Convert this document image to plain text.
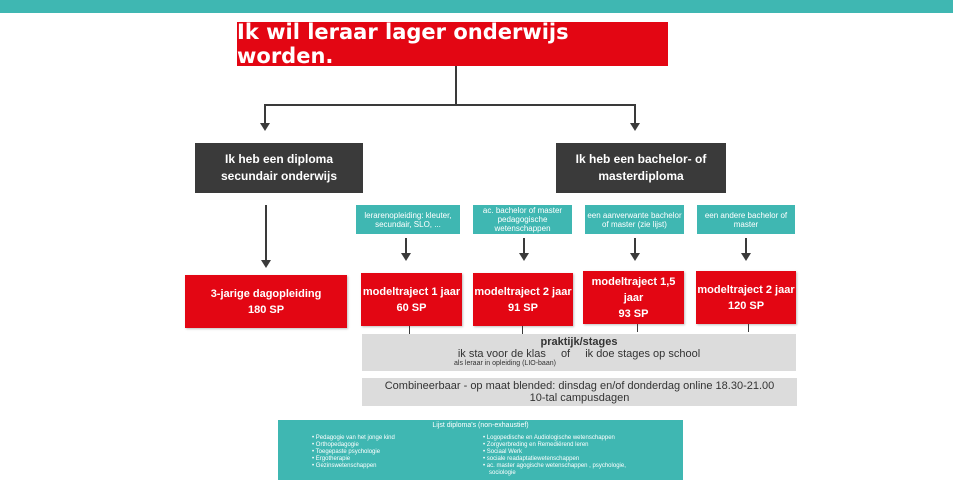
Ik wil leraar lager onderwijs worden.
Ik heb een diploma
secundair onderwijs
Ik heb een bachelor- of
masterdiploma
lerarenopleiding: kleuter,
secundair, SLO, ...
ac. bachelor of master
pedagogische
wetenschappen
een aanverwante bachelor
of master (zie lijst)
een andere bachelor of
master
3-jarige dagopleiding
180 SP
modeltraject 1 jaar
60 SP
modeltraject 2 jaar
91 SP
modeltraject 1,5 jaar
93 SP
modeltraject 2 jaar
120 SP
praktijk/stages
ik sta voor de klas of ik doe stages op school
als leraar in opleiding (LIO-baan)
Combineerbaar - op maat blended: dinsdag en/of donderdag online 18.30-21.00
10-tal campusdagen
Lijst diploma's (non-exhaustief)
• Pedagogie van het jonge kind
• Orthopedagogie
• Toegepaste psychologie
• Ergotherapie
• Gezinswetenschappen
• Logopedische en Audiologische wetenschappen
• Zorgverbreding en Remediërend leren
• Sociaal Werk
• sociale readaptatiewetenschappen
• ac. master agogische wetenschappen , psychologie,
sociologie
